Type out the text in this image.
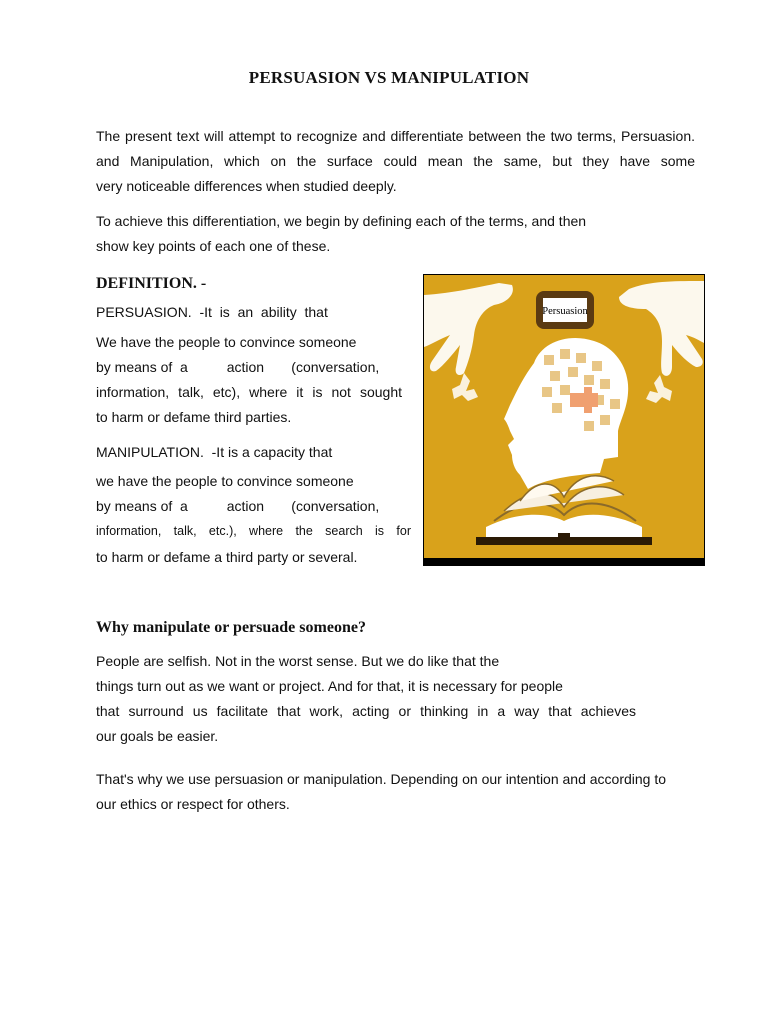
PERSUASION VS MANIPULATION
The present text will attempt to recognize and differentiate between the two terms, Persuasion.
and Manipulation, which on the surface could mean the same, but they have some
very noticeable differences when studied deeply.
To achieve this differentiation, we begin by defining each of the terms, and then
show key points of each one of these.
DEFINITION. -
PERSUASION.  -It  is  an  ability  that
We have the people to convince someone
by means of  a          action       (conversation,
information, talk, etc), where it is not sought
to harm or defame third parties.
MANIPULATION.  -It is a capacity that
we have the people to convince someone
by means of  a          action       (conversation,
information, talk, etc.), where the search is for
to harm or defame a third party or several.
Persuasion
Why manipulate or persuade someone?
People are selfish. Not in the worst sense. But we do like that the
things turn out as we want or project. And for that, it is necessary for people
that surround us facilitate that work, acting or thinking in a way that achieves
our goals be easier.
That's why we use persuasion or manipulation. Depending on our intention and according to
our ethics or respect for others.
